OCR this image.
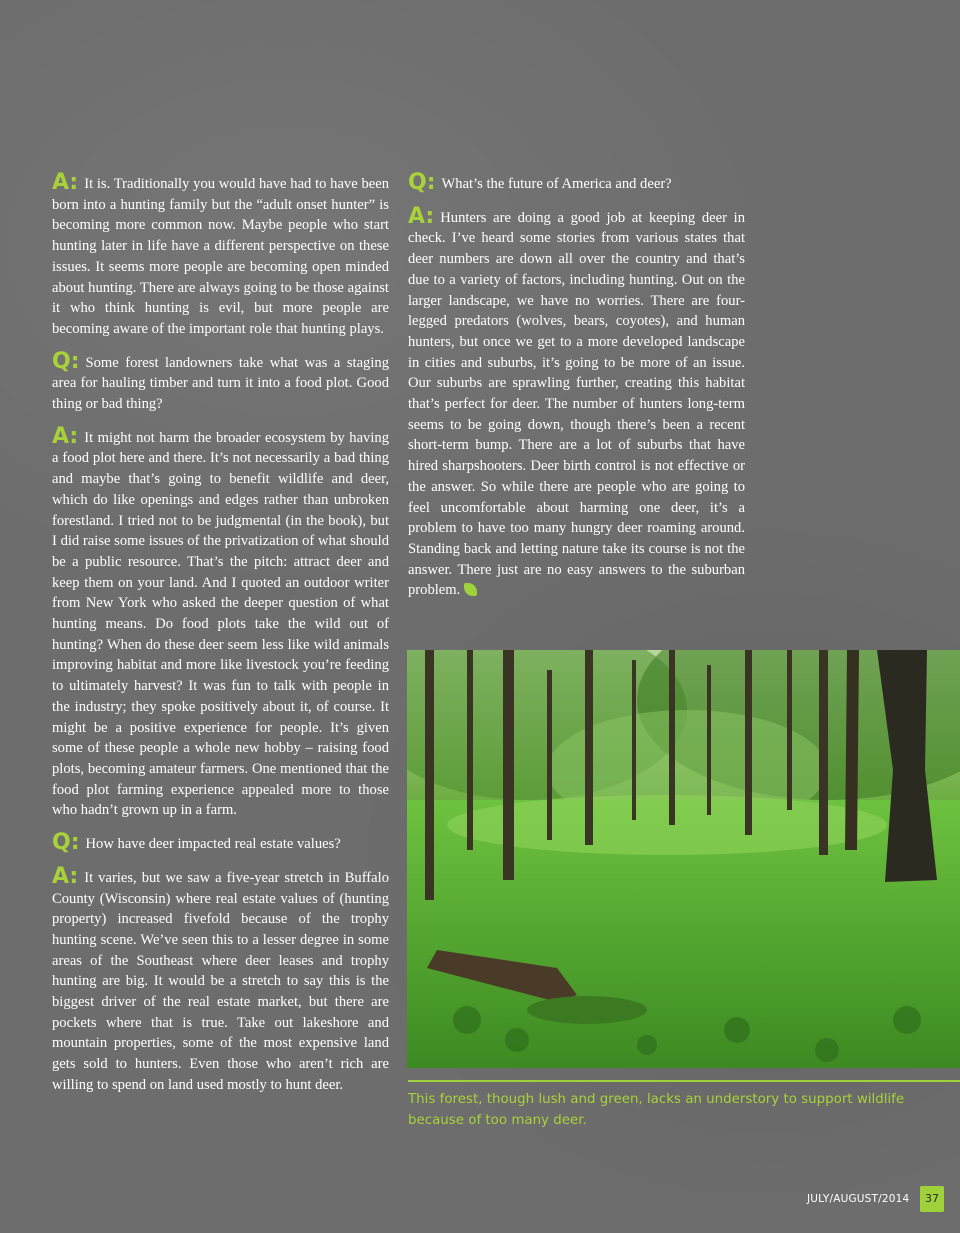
A: It is. Traditionally you would have had to have been born into a hunting family but the “adult onset hunter” is becoming more common now. Maybe people who start hunting later in life have a different perspective on these issues. It seems more people are becoming open minded about hunting. There are always going to be those against it who think hunting is evil, but more people are becoming aware of the important role that hunting plays.

Q: Some forest landowners take what was a staging area for hauling timber and turn it into a food plot. Good thing or bad thing?

A: It might not harm the broader ecosystem by having a food plot here and there. It’s not necessarily a bad thing and maybe that’s going to benefit wildlife and deer, which do like openings and edges rather than unbroken forestland. I tried not to be judgmental (in the book), but I did raise some issues of the privatization of what should be a public resource. That’s the pitch: attract deer and keep them on your land. And I quoted an outdoor writer from New York who asked the deeper question of what hunting means. Do food plots take the wild out of hunting? When do these deer seem less like wild animals improving habitat and more like livestock you’re feeding to ultimately harvest? It was fun to talk with people in the industry; they spoke positively about it, of course. It might be a positive experience for people. It’s given some of these people a whole new hobby – raising food plots, becoming amateur farmers. One mentioned that the food plot farming experience appealed more to those who hadn’t grown up in a farm.

Q: How have deer impacted real estate values?

A: It varies, but we saw a five-year stretch in Buffalo County (Wisconsin) where real estate values of (hunting property) increased fivefold because of the trophy hunting scene. We’ve seen this to a lesser degree in some areas of the Southeast where deer leases and trophy hunting are big. It would be a stretch to say this is the biggest driver of the real estate market, but there are pockets where that is true. Take out lakeshore and mountain properties, some of the most expensive land gets sold to hunters. Even those who aren’t rich are willing to spend on land used mostly to hunt deer.

Q: What’s the future of America and deer?

A: Hunters are doing a good job at keeping deer in check. I’ve heard some stories from various states that deer numbers are down all over the country and that’s due to a variety of factors, including hunting. Out on the larger landscape, we have no worries. There are four-legged predators (wolves, bears, coyotes), and human hunters, but once we get to a more developed landscape in cities and suburbs, it’s going to be more of an issue. Our suburbs are sprawling further, creating this habitat that’s perfect for deer. The number of hunters long-term seems to be going down, though there’s been a recent short-term bump. There are a lot of suburbs that have hired sharpshooters. Deer birth control is not effective or the answer. So while there are people who are going to feel uncomfortable about harming one deer, it’s a problem to have too many hungry deer roaming around. Standing back and letting nature take its course is not the answer. There just are no easy answers to the suburban problem.

This forest, though lush and green, lacks an understory to support wildlife because of too many deer.
JULY/AUGUST/2014	37
